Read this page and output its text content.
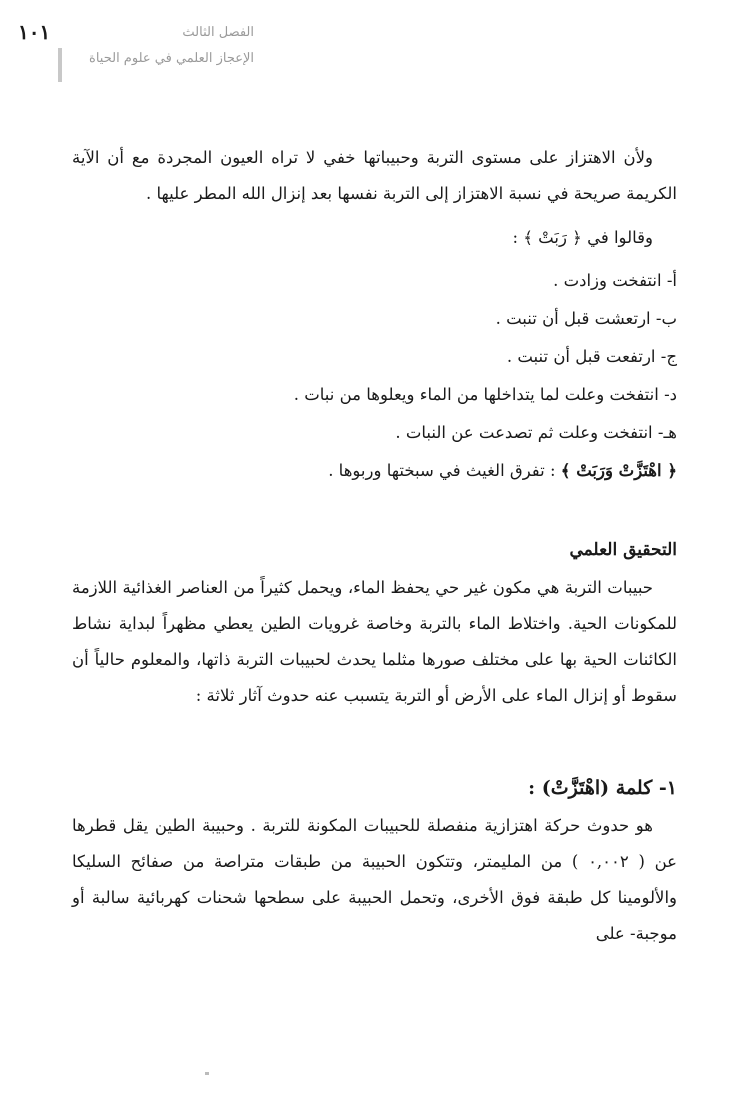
١٠١	الفصل الثالث
الإعجاز العلمي في علوم الحياة

ولأن الاهتزاز على مستوى التربة وحبيباتها خفي لا تراه العيون المجردة مع أن الآية الكريمة صريحة في نسبة الاهتزاز إلى التربة نفسها بعد إنزال الله المطر عليها .

وقالوا في ﴿ رَبَتْ ﴾ :

أ- انتفخت وزادت .
ب- ارتعشت قبل أن تنبت .
ج- ارتفعت قبل أن تنبت .
د- انتفخت وعلت لما يتداخلها من الماء ويعلوها من نبات .
هـ- انتفخت وعلت ثم تصدعت عن النبات .
﴿ اهْتَزَّتْ وَرَبَتْ ﴾ : تفرق الغيث في سبختها وربوها .

التحقيق العلمي

حبيبات التربة هي مكون غير حي يحفظ الماء، ويحمل كثيراً من العناصر الغذائية اللازمة للمكونات الحية. واختلاط الماء بالتربة وخاصة غرويات الطين يعطي مظهراً لبداية نشاط الكائنات الحية بها على مختلف صورها مثلما يحدث لحبيبات التربة ذاتها، والمعلوم حالياً أن سقوط أو إنزال الماء على الأرض أو التربة يتسبب عنه حدوث آثار ثلاثة :

١- كلمة (اهْتَزَّتْ) :

هو حدوث حركة اهتزازية منفصلة للحبيبات المكونة للتربة . وحبيبة الطين يقل قطرها عن ( ٠,٠٠٢ ) من المليمتر، وتتكون الحبيبة من طبقات متراصة من صفائح السليكا والألومينا كل طبقة فوق الأخرى، وتحمل الحبيبة على سطحها شحنات كهربائية سالبة أو موجبة- على
